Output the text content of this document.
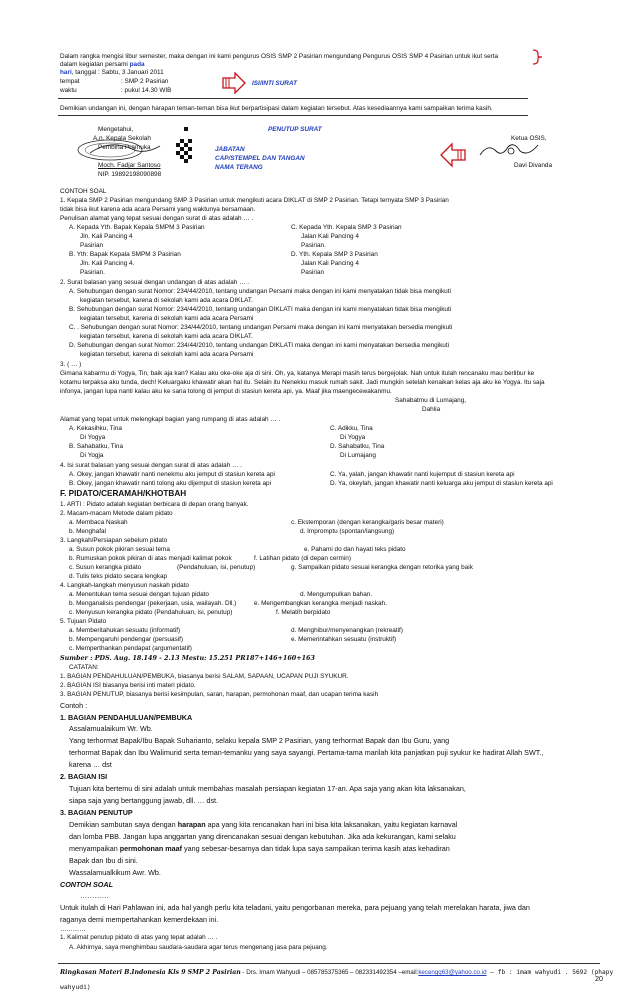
Dalam rangka mengisi libur semester, maka dengan ini kami pengurus OSIS SMP 2 Pasirian mengundang Pengurus OSIS SMP 4 Pasirian untuk ikut serta
dalam kegiatan persami pada
hari, tanggal : Sabtu, 3 Januari 2011
tempat	: SMP 2 Pasirian
waktu	: pukul 14.30 WIB
ISI/INTI SURAT
Demikian undangan ini, dengan harapan teman-teman bisa ikut berpartisipasi dalam kegiatan tersebut. Atas kesediaannya kami sampaikan terima kasih.
Mengetahui,
A.n. Kepala Sekolah
Pembina Pramuka
Moch. Fadjar Santoso
NIP. 19892198090898
JABATAN
CAP/STEMPEL DAN TANGAN
NAMA TERANG
PENUTUP SURAT
Ketua OSIS,
Davi Divanda
CONTOH SOAL
1. Kepala SMP 2 Pasirian mengundang SMP 3 Pasirian untuk mengikuti acara DIKLAT di SMP 2 Pasirian. Tetapi ternyata SMP 3 Pasirian
tidak bisa ikut karena ada acara Persami yang waktunya bersamaan.
Penulisan alamat yang tepat sesuai dengan surat di atas adalah … .
A. Kepada Yth. Bapak Kepala SMPM 3 Pasirian
Jln. Kali Pancing 4
Pasirian
B. Yth: Bapak Kepala SMPM 3 Pasirian
Jln. Kali Pancing 4.
Pasirian.
C. Kepada Yth. Kepala SMP 3 Pasirian
Jalan Kali Pancing 4
Pasirian.
D. Yth. Kepala SMP 3 Pasirian
Jalan Kali Pancing 4
Pasirian
2. Surat balasan yang sesuai dengan undangan di atas adalah … .
A. Sehubungan dengan surat Nomor: 234/44/2010, tentang undangan Persami maka dengan ini kami menyatakan tidak bisa mengikuti
kegiatan tersebut, karena di sekolah kami ada acara DIKLAT.
B. Sehubungan dengan surat Nomor: 234/44/2010, tentang undangan DIKLATI maka dengan ini kami menyatakan tidak bisa mengikuti
kegiatan tersebut, karena di sekolah kami ada acara Persami
C. . Sehubungan dengan surat Nomor: 234/44/2010, tentang undangan Persami maka dengan ini kami menyatakan bersedia mengikuti
kegiatan tersebut, karena di sekolah kami ada acara DIKLAT.
D. Sehubungan dengan surat Nomor: 234/44/2010, tentang undangan DIKLATI maka dengan ini kami menyatakan bersedia mengikuti
kegiatan tersebut, karena di sekolah kami ada acara Persami
3. ( … )
Gimana kabarmu di Yogya, Tin, baik aja kan? Kalau aku oke-oke aja di sini. Oh, ya, katanya Merapi masih terus bergejolak. Nah untuk itulah rencanaku mau berlibur ke
kotamu terpaksa aku tunda, dech! Keluargaku khawatir akan hal itu. Selain itu Nenekku masuk rumah sakit. Jadi mungkin setelah kenaikan kelas aja aku ke Yogya. Itu saja
infonya, jangan lupa nanti kalau aku ke sana tolong di jemput di stasiun kereta api, ya. Maaf jika maengecewakanmu.
Sahabatmu di Lumajang,
Dahlia
Alamat yang tepat untuk melengkapi bagian yang rumpang di atas adalah … .
A. Kekasihku, Tina
Di Yogya
B. Sahabatku, Tina
Di Yogja
C. Adikku, Tina
Di Yogya
D. Sahabatku, Tina
Di Lumajang
4. Isi surat balasan yang sesuai dengan surat di atas adalah … .
A. Okey, jangan khawatir nanti nenekmu aku jemput di stasiun kereta api
B. Okey, jangan khawatir nanti tolong aku dijemput di stasiun kereta api
C. Ya, yalah, jangan khawatir nanti kujemput di stasiun kereta api
D. Ya, okeylah, jangan khawatir nanti keluarga aku jemput di stasiun kereta api
F. PIDATO/CERAMAH/KHOTBAH
1. ARTI : Pidato adalah kegiatan berbicara di depan orang banyak.
2. Macam-macam Metode dalam pidato
a. Membaca Naskah
b. Menghafal
c. Ekstemporan (dengan kerangka/garis besar materi)
d. Impromptu (spontan/langsung)
3. Langkah/Persiapan sebelum pidato
a. Susun pokok pikiran sesuai tema	e. Pahami do dan hayati teks pidato
b. Rumuskan pokok pikiran di atas menjadi kalimat pokok	f. Latihan pidato (di depan cermin)
c. Susun kerangka pidato	(Pendahuluan, isi, penutup)	g. Sampaikan pidato sesuai kerangka dengan retorika yang baik
d. Tulis teks pidato secara lengkap
4. Langkah-langkah menyusun naskah pidato
a. Menentukan tema sesuai dengan tujuan pidato	d. Mengumpulkan bahan.
b. Menganalisis pendengar (pekerjaan, usia, wailayah. Dll.)	e. Mengembangkan kerangka menjadi naskah.
c. Menyusun kerangka pidato (Pendahuluan, isi, penutup)	f. Melatih berpidato
5. Tujuan Pidato
a. Memberitahukan sesuatu (informatif)	d. Menghibur/menyenangkan (rekreatif)
b. Mempengaruhi pendengar (persuasif)	e. Memerintahkan sesuatu (instruktif)
c. Memperthankan pendapat (argumentatif)
Sumber : PDS. Aug. 18.149 - 2.13 Mestu: 15.251 PR187+146+160+163
CATATAN:
1. BAGIAN PENDAHULUAN/PEMBUKA, biasanya berisi SALAM, SAPAAN, UCAPAN PUJI SYUKUR.
2. BAGIAN ISI biasanya berisi inti materi pidato.
3. BAGIAN PENUTUP, biasanya berisi kesimpulan, saran, harapan, permohonan maaf, dan ucapan terima kasih
Contoh :
1. BAGIAN PENDAHULUAN/PEMBUKA
Assalamualaikum Wr. Wb.
Yang terhormat Bapak/Ibu Bapak Suharianto, selaku kepala SMP 2 Pasirian, yang terhormat Bapak dan Ibu Guru, yang
terhormat Bapak dan Ibu Walimurid serta teman-temanku yang saya sayangi. Pertama-tama marilah kita panjatkan puji syukur ke hadirat Allah SWT.,
karena … dst
2. BAGIAN ISI
Tujuan kita bertemu di sini adalah untuk membahas masalah persiapan kegiatan 17-an. Apa saja yang akan kita laksanakan,
siapa saja yang bertanggung jawab, dll. … dst.
3. BAGIAN PENUTUP
Demikian sambutan saya dengan harapan apa yang kita rencanakan hari ini bisa kita laksanakan, yaitu kegiatan karnaval
dan lomba PBB. Jangan lupa anggartan yang direncanakan sesuai dengan kebutuhan. Jika ada kekurangan, kami selaku
menyampaikan permohonan maaf yang sebesar-besarnya dan tidak lupa saya sampaikan terima kasih atas kehadiran
Bapak dan Ibu di sini.
Wassalamualkikum Awr. Wb.
CONTOH SOAL
…………
Untuk itulah di Hari Pahlawan ini, ada hal yangh perlu kita teladani, yaitu pengorbanan mereka, para pejuang yang telah merelakan harata, jiwa dan
raganya demi mempertahankan kemerdekaan ini.
…………
1. Kalimat penutup pidato di atas yang tepat adalah … .
A. Akhirnya, saya menghimbau saudara-saudara agar terus mengenang jasa para pejuang.
Ringkasan Materi B.Indonesia Kls 9 SMP 2 Pasirian - Drs. Imam Wahyudi – 085785375365 – 082331492354 –email:kecengq63@yahoo.co.id – fb : imam wahyudi . 5692 (phapy
wahyudi)
20
